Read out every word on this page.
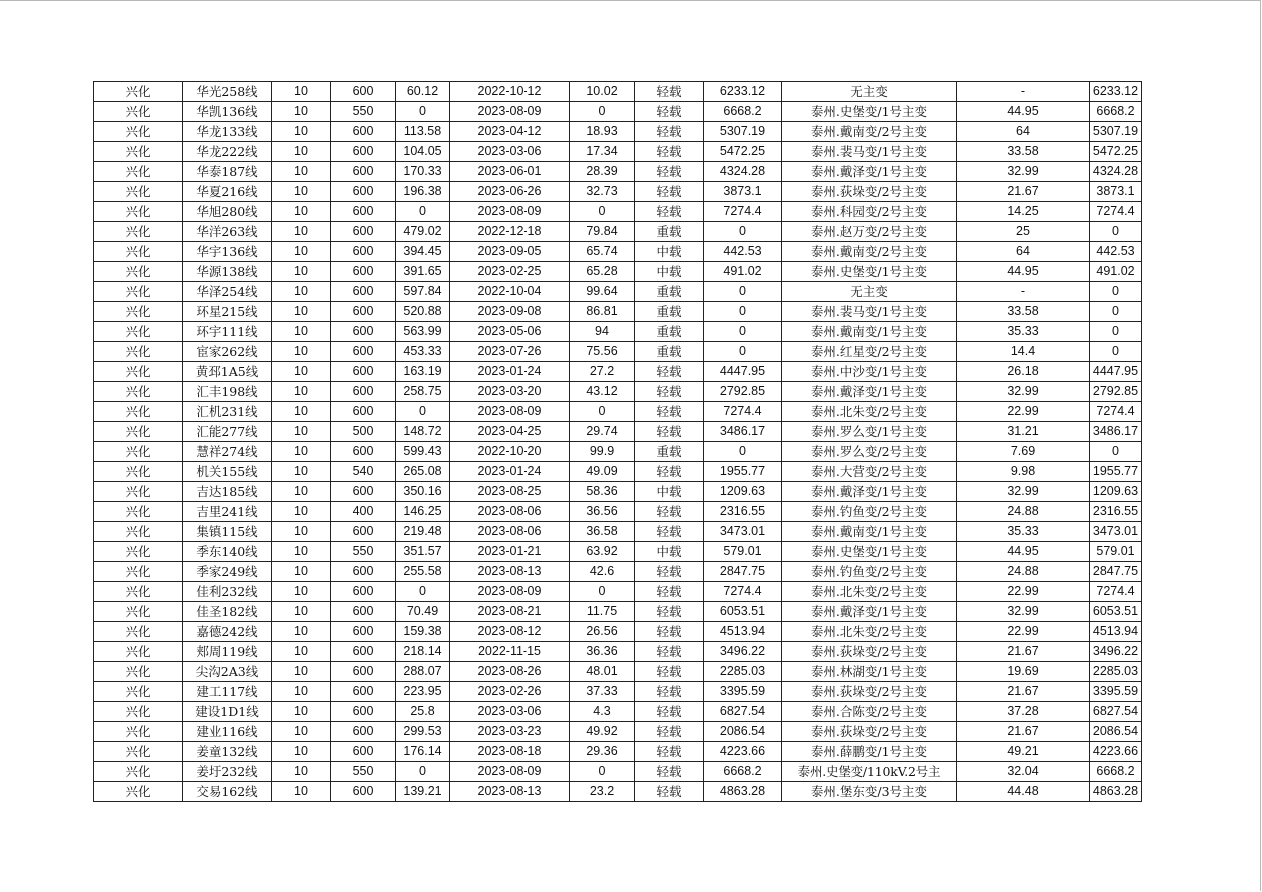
兴化	华光258线	10	600	60.12	2022-10-12	10.02	轻载	6233.12	无主变	-	6233.12
兴化	华凯136线	10	550	0	2023-08-09	0	轻载	6668.2	泰州.史堡变/1号主变	44.95	6668.2
兴化	华龙133线	10	600	113.58	2023-04-12	18.93	轻载	5307.19	泰州.戴南变/2号主变	64	5307.19
兴化	华龙222线	10	600	104.05	2023-03-06	17.34	轻载	5472.25	泰州.裴马变/1号主变	33.58	5472.25
兴化	华泰187线	10	600	170.33	2023-06-01	28.39	轻载	4324.28	泰州.戴泽变/1号主变	32.99	4324.28
兴化	华夏216线	10	600	196.38	2023-06-26	32.73	轻载	3873.1	泰州.荻垛变/2号主变	21.67	3873.1
兴化	华旭280线	10	600	0	2023-08-09	0	轻载	7274.4	泰州.科园变/2号主变	14.25	7274.4
兴化	华洋263线	10	600	479.02	2022-12-18	79.84	重载	0	泰州.赵万变/2号主变	25	0
兴化	华宇136线	10	600	394.45	2023-09-05	65.74	中载	442.53	泰州.戴南变/2号主变	64	442.53
兴化	华源138线	10	600	391.65	2023-02-25	65.28	中载	491.02	泰州.史堡变/1号主变	44.95	491.02
兴化	华泽254线	10	600	597.84	2022-10-04	99.64	重载	0	无主变	-	0
兴化	环星215线	10	600	520.88	2023-09-08	86.81	重载	0	泰州.裴马变/1号主变	33.58	0
兴化	环宇111线	10	600	563.99	2023-05-06	94	重载	0	泰州.戴南变/1号主变	35.33	0
兴化	宦家262线	10	600	453.33	2023-07-26	75.56	重载	0	泰州.红星变/2号主变	14.4	0
兴化	黄邳1A5线	10	600	163.19	2023-01-24	27.2	轻载	4447.95	泰州.中沙变/1号主变	26.18	4447.95
兴化	汇丰198线	10	600	258.75	2023-03-20	43.12	轻载	2792.85	泰州.戴泽变/1号主变	32.99	2792.85
兴化	汇机231线	10	600	0	2023-08-09	0	轻载	7274.4	泰州.北朱变/2号主变	22.99	7274.4
兴化	汇能277线	10	500	148.72	2023-04-25	29.74	轻载	3486.17	泰州.罗么变/1号主变	31.21	3486.17
兴化	慧祥274线	10	600	599.43	2022-10-20	99.9	重载	0	泰州.罗么变/2号主变	7.69	0
兴化	机关155线	10	540	265.08	2023-01-24	49.09	轻载	1955.77	泰州.大营变/2号主变	9.98	1955.77
兴化	吉达185线	10	600	350.16	2023-08-25	58.36	中载	1209.63	泰州.戴泽变/1号主变	32.99	1209.63
兴化	吉里241线	10	400	146.25	2023-08-06	36.56	轻载	2316.55	泰州.钓鱼变/2号主变	24.88	2316.55
兴化	集镇115线	10	600	219.48	2023-08-06	36.58	轻载	3473.01	泰州.戴南变/1号主变	35.33	3473.01
兴化	季东140线	10	550	351.57	2023-01-21	63.92	中载	579.01	泰州.史堡变/1号主变	44.95	579.01
兴化	季家249线	10	600	255.58	2023-08-13	42.6	轻载	2847.75	泰州.钓鱼变/2号主变	24.88	2847.75
兴化	佳利232线	10	600	0	2023-08-09	0	轻载	7274.4	泰州.北朱变/2号主变	22.99	7274.4
兴化	佳圣182线	10	600	70.49	2023-08-21	11.75	轻载	6053.51	泰州.戴泽变/1号主变	32.99	6053.51
兴化	嘉德242线	10	600	159.38	2023-08-12	26.56	轻载	4513.94	泰州.北朱变/2号主变	22.99	4513.94
兴化	郏周119线	10	600	218.14	2022-11-15	36.36	轻载	3496.22	泰州.荻垛变/2号主变	21.67	3496.22
兴化	尖沟2A3线	10	600	288.07	2023-08-26	48.01	轻载	2285.03	泰州.林湖变/1号主变	19.69	2285.03
兴化	建工117线	10	600	223.95	2023-02-26	37.33	轻载	3395.59	泰州.荻垛变/2号主变	21.67	3395.59
兴化	建设1D1线	10	600	25.8	2023-03-06	4.3	轻载	6827.54	泰州.合陈变/2号主变	37.28	6827.54
兴化	建业116线	10	600	299.53	2023-03-23	49.92	轻载	2086.54	泰州.荻垛变/2号主变	21.67	2086.54
兴化	姜童132线	10	600	176.14	2023-08-18	29.36	轻载	4223.66	泰州.薛鹏变/1号主变	49.21	4223.66
兴化	姜圩232线	10	550	0	2023-08-09	0	轻载	6668.2	泰州.史堡变/110kV.2号主	32.04	6668.2
兴化	交易162线	10	600	139.21	2023-08-13	23.2	轻载	4863.28	泰州.堡东变/3号主变	44.48	4863.28
